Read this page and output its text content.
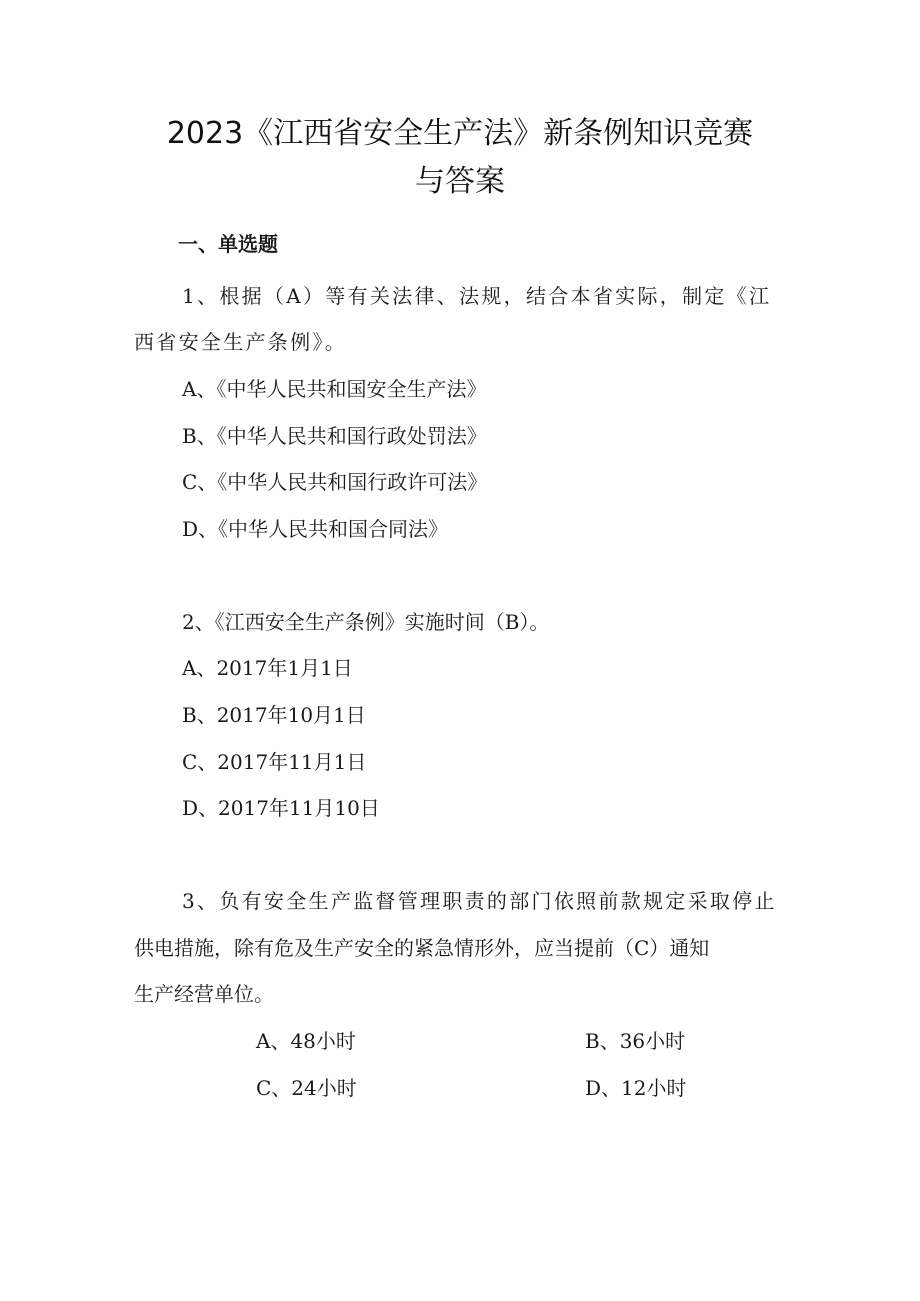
2023《江西省安全生产法》新条例知识竞赛
与答案
一、单选题
1、根据（A）等有关法律、法规，结合本省实际，制定《江
西省安全生产条例》。
A、《中华人民共和国安全生产法》
B、《中华人民共和国行政处罚法》
C、《中华人民共和国行政许可法》
D、《中华人民共和国合同法》
2、《江西安全生产条例》实施时间（B）。
A、2017年1月1日
B、2017年10月1日
C、2017年11月1日
D、2017年11月10日
3、负有安全生产监督管理职责的部门依照前款规定采取停止
供电措施，除有危及生产安全的紧急情形外，应当提前（C）通知
生产经营单位。
A、48小时	B、36小时
C、24小时	D、12小时
